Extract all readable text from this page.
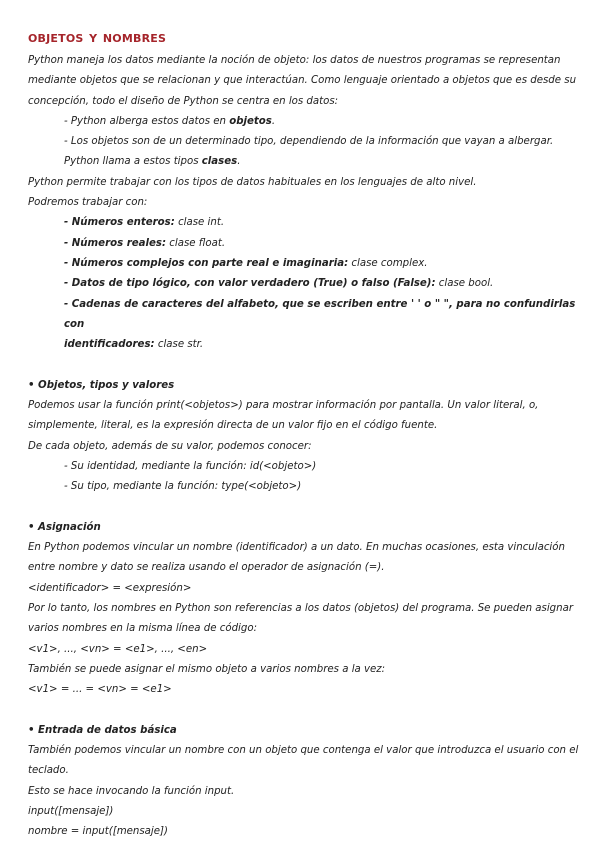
objetos y nombres

Python maneja los datos mediante la noción de objeto: los datos de nuestros programas se representan mediante objetos que se relacionan y que interactúan. Como lenguaje orientado a objetos que es desde su concepción, todo el diseño de Python se centra en los datos:

- Python alberga estos datos en objetos.

- Los objetos son de un determinado tipo, dependiendo de la información que vayan a albergar. Python llama a estos tipos clases.

Python permite trabajar con los tipos de datos habituales en los lenguajes de alto nivel.

Podremos trabajar con:

- Números enteros: clase int.

- Números reales: clase float.

- Números complejos con parte real e imaginaria: clase complex.

- Datos de tipo lógico, con valor verdadero (True) o falso (False): clase bool.

- Cadenas de caracteres del alfabeto, que se escriben entre ' ' o " ", para no confundirlas con
identificadores: clase str.

• Objetos, tipos y valores

Podemos usar la función print(<objetos>) para mostrar información por pantalla. Un valor literal, o, simplemente, literal, es la expresión directa de un valor fijo en el código fuente.

De cada objeto, además de su valor, podemos conocer:

- Su identidad, mediante la función: id(<objeto>)

- Su tipo, mediante la función: type(<objeto>)

• Asignación

En Python podemos vincular un nombre (identificador) a un dato. En muchas ocasiones, esta vinculación entre nombre y dato se realiza usando el operador de asignación (=).

<identificador> = <expresión>

Por lo tanto, los nombres en Python son referencias a los datos (objetos) del programa. Se pueden asignar varios nombres en la misma línea de código:

<v1>, ..., <vn> = <e1>, ..., <en>

También se puede asignar el mismo objeto a varios nombres a la vez:

<v1> = ... = <vn> = <e1>

• Entrada de datos básica

También podemos vincular un nombre con un objeto que contenga el valor que introduzca el usuario con el teclado.

Esto se hace invocando la función input.

input([mensaje])

nombre = input([mensaje])
